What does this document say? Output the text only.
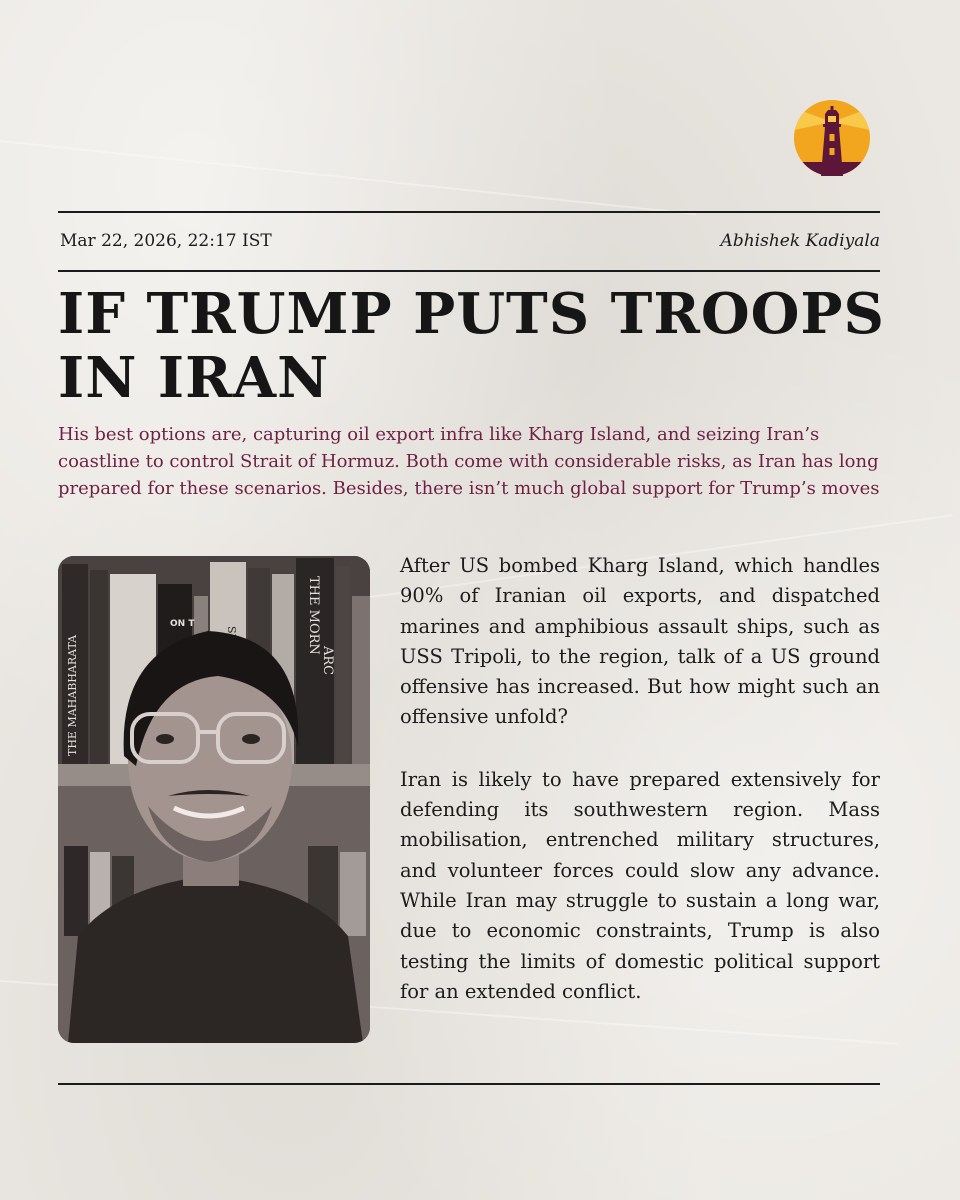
Mar 22, 2026, 22:17 IST	Abhishek Kadiyala
IF TRUMP PUTS TROOPS IN IRAN

His best options are, capturing oil export infra like Kharg Island, and seizing Iran’s coastline to control Strait of Hormuz. Both come with considerable risks, as Iran has long prepared for these scenarios. Besides, there isn’t much global support for Trump’s moves

THE MAHABHARATA
ON T	THE MORN
ARC

After US bombed Kharg Island, which handles 90% of Iranian oil exports, and dispatched marines and amphibious assault ships, such as USS Tripoli, to the region, talk of a US ground offensive has increased. But how might such an offensive unfold?

Iran is likely to have prepared extensively for defending its southwestern region. Mass mobilisation, entrenched military structures, and volunteer forces could slow any advance. While Iran may struggle to sustain a long war, due to economic constraints, Trump is also testing the limits of domestic political support for an extended conflict.
